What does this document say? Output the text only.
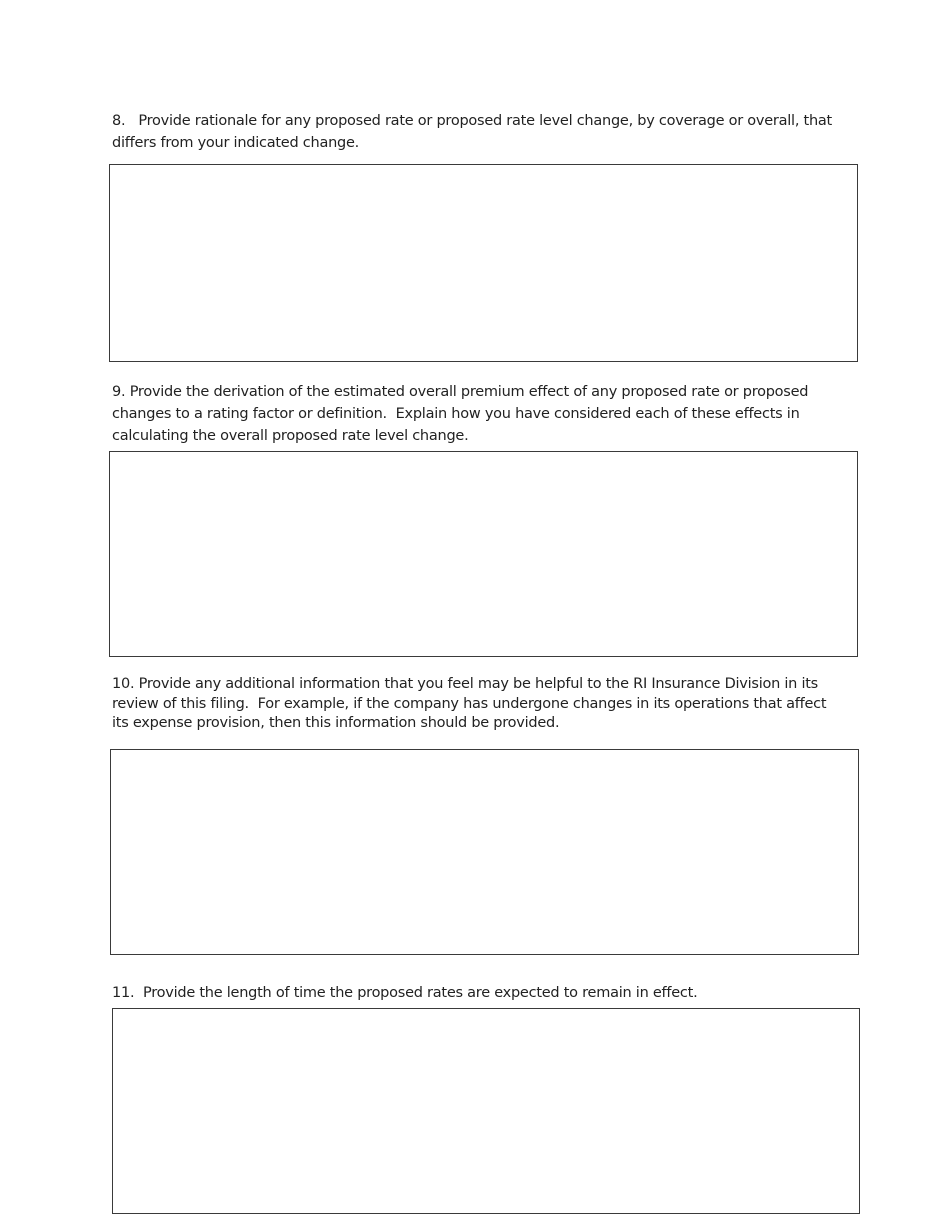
8.   Provide rationale for any proposed rate or proposed rate level change, by coverage or overall, that differs from your indicated change.

9. Provide the derivation of the estimated overall premium effect of any proposed rate or proposed changes to a rating factor or definition.  Explain how you have considered each of these effects in calculating the overall proposed rate level change.

10. Provide any additional information that you feel may be helpful to the RI Insurance Division in its review of this filing.  For example, if the company has undergone changes in its operations that affect its expense provision, then this information should be provided.

11.  Provide the length of time the proposed rates are expected to remain in effect.
